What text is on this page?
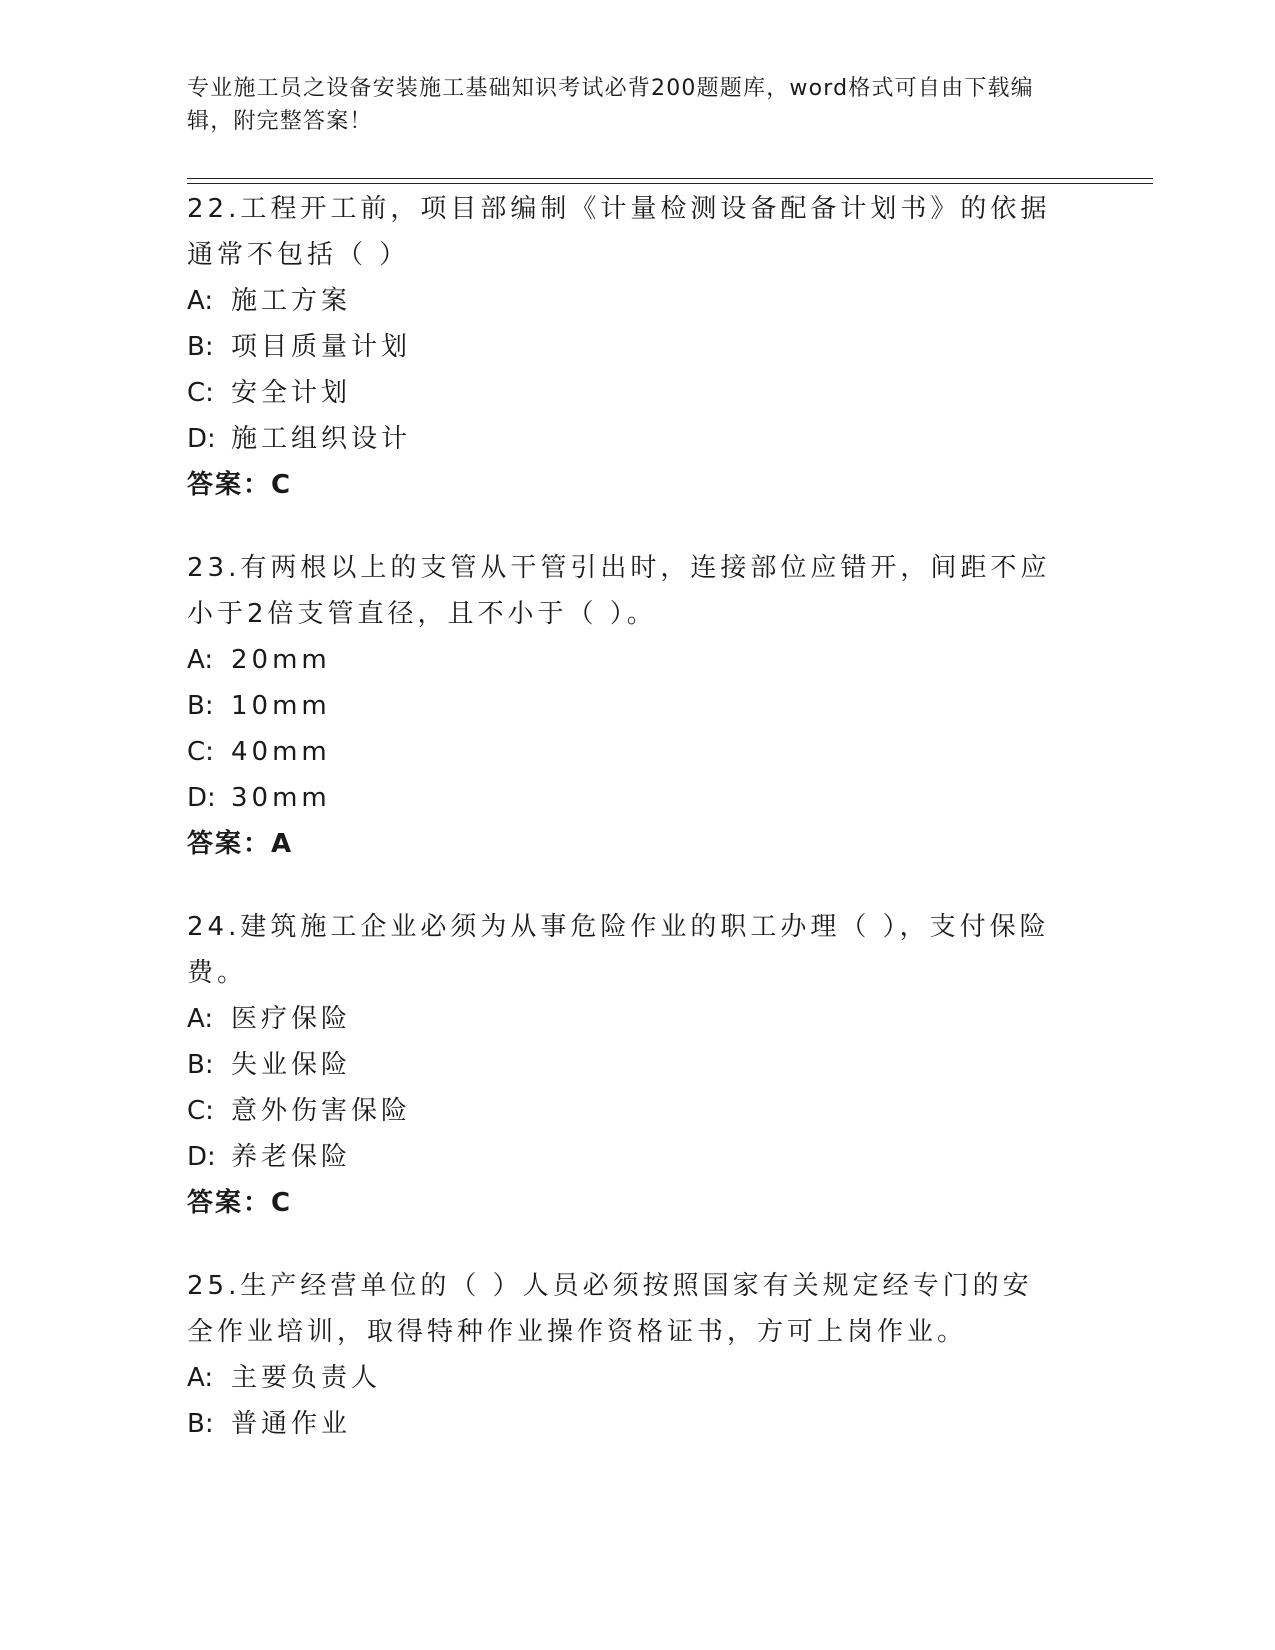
专业施工员之设备安装施工基础知识考试必背200题题库，word格式可自由下载编辑，附完整答案！

22.工程开工前，项目部编制《计量检测设备配备计划书》的依据通常不包括（ ）

A: 施工方案

B: 项目质量计划

C: 安全计划

D: 施工组织设计

答案：C

23.有两根以上的支管从干管引出时，连接部位应错开，间距不应小于2倍支管直径，且不小于（ ）。

A: 20mm

B: 10mm

C: 40mm

D: 30mm

答案：A

24.建筑施工企业必须为从事危险作业的职工办理（ ），支付保险费。

A: 医疗保险

B: 失业保险

C: 意外伤害保险

D: 养老保险

答案：C

25.生产经营单位的（ ）人员必须按照国家有关规定经专门的安全作业培训，取得特种作业操作资格证书，方可上岗作业。

A: 主要负责人

B: 普通作业
